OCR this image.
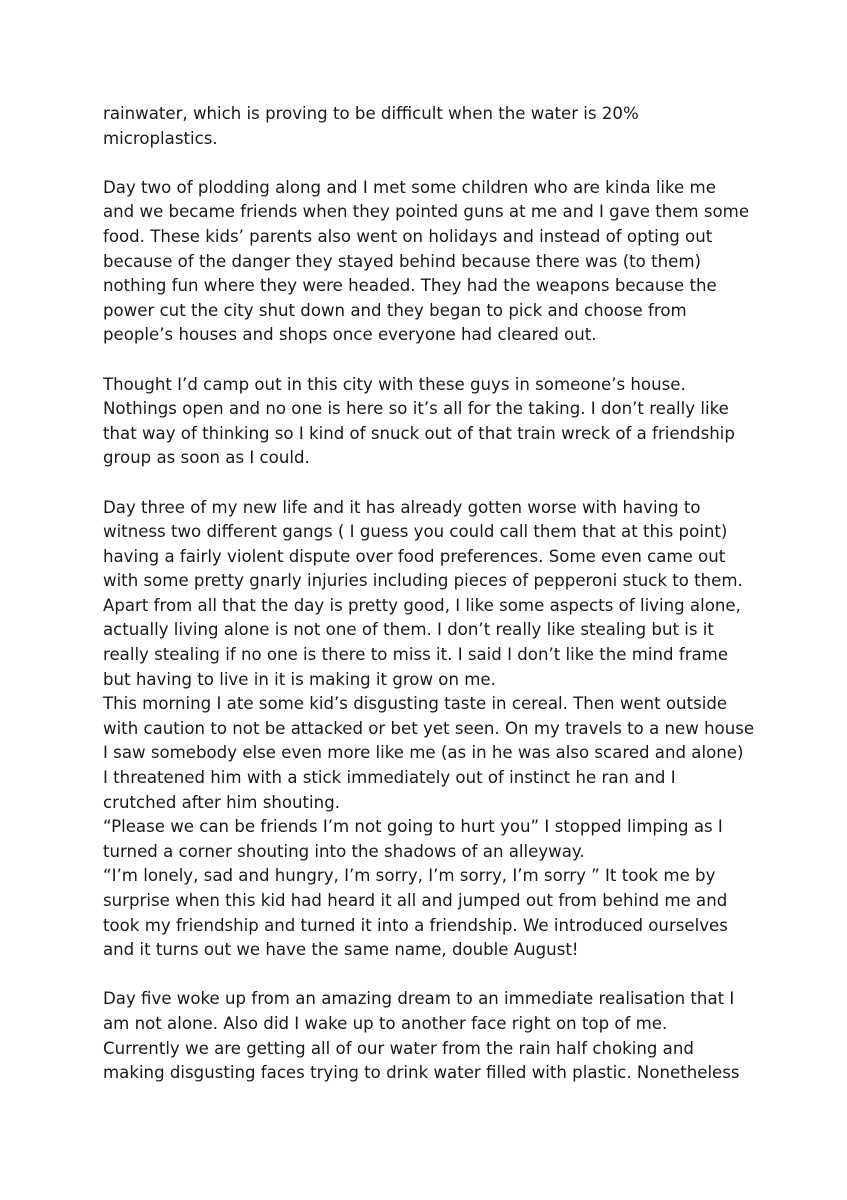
rainwater, which is proving to be difficult when the water is 20%
microplastics.
Day two of plodding along and I met some children who are kinda like me
and we became friends when they pointed guns at me and I gave them some
food. These kids’ parents also went on holidays and instead of opting out
because of the danger they stayed behind because there was (to them)
nothing fun where they were headed. They had the weapons because the
power cut the city shut down and they began to pick and choose from
people’s houses and shops once everyone had cleared out.
Thought I’d camp out in this city with these guys in someone’s house.
Nothings open and no one is here so it’s all for the taking. I don’t really like
that way of thinking so I kind of snuck out of that train wreck of a friendship
group as soon as I could.
Day three of my new life and it has already gotten worse with having to
witness two different gangs ( I guess you could call them that at this point)
having a fairly violent dispute over food preferences. Some even came out
with some pretty gnarly injuries including pieces of pepperoni stuck to them.
Apart from all that the day is pretty good, I like some aspects of living alone,
actually living alone is not one of them. I don’t really like stealing but is it
really stealing if no one is there to miss it. I said I don’t like the mind frame
but having to live in it is making it grow on me.
This morning I ate some kid’s disgusting taste in cereal. Then went outside
with caution to not be attacked or bet yet seen. On my travels to a new house
I saw somebody else even more like me (as in he was also scared and alone)
I threatened him with a stick immediately out of instinct he ran and I
crutched after him shouting.
“Please we can be friends I’m not going to hurt you” I stopped limping as I
turned a corner shouting into the shadows of an alleyway.
“I’m lonely, sad and hungry, I’m sorry, I’m sorry, I’m sorry ” It took me by
surprise when this kid had heard it all and jumped out from behind me and
took my friendship and turned it into a friendship. We introduced ourselves
and it turns out we have the same name, double August!
Day five woke up from an amazing dream to an immediate realisation that I
am not alone. Also did I wake up to another face right on top of me.
Currently we are getting all of our water from the rain half choking and
making disgusting faces trying to drink water filled with plastic. Nonetheless
